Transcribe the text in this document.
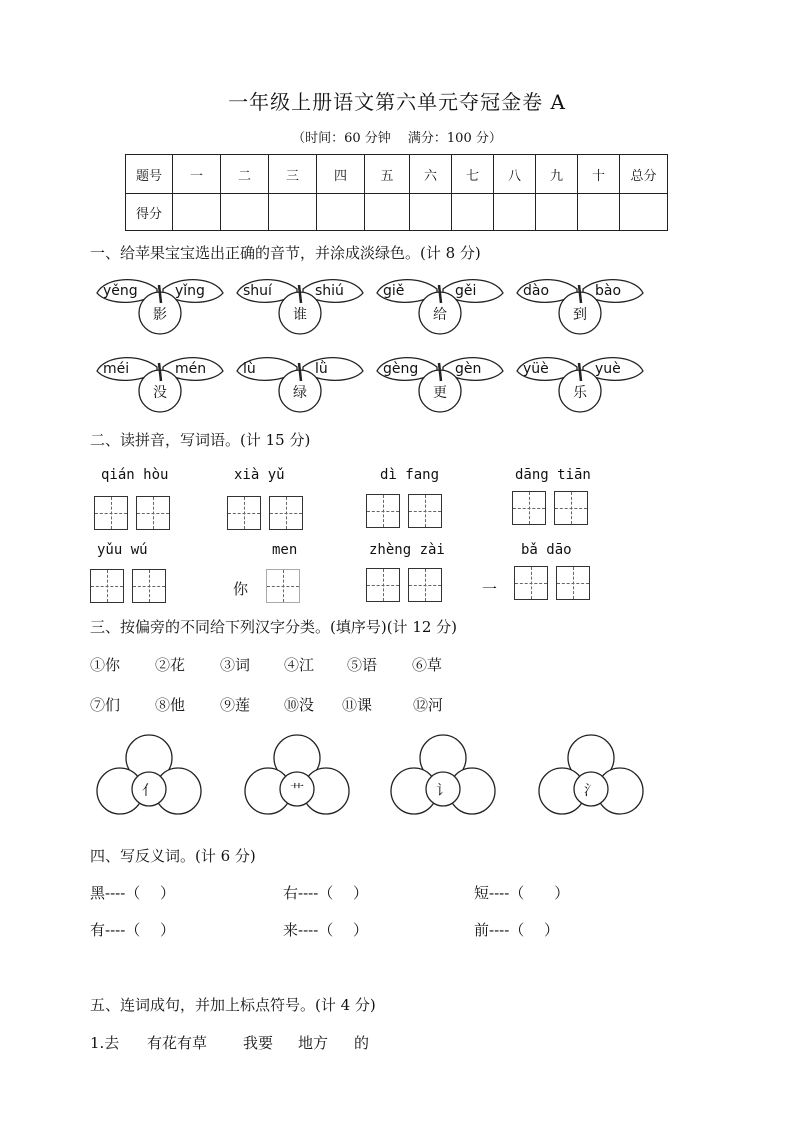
一年级上册语文第六单元夺冠金卷 A
（时间：60 分钟　 满分：100 分）
题号	一	二	三	四	五	六	七	八	九	十	总分
得分											
一、给苹果宝宝选出正确的音节，并涂成淡绿色。(计 8 分)
yěng	yǐng
影
shuí	shiú
谁
giě	gěi
给
dào	bào
到
méi	mén
没
lù	lǜ
绿
gèng	gèn
更
yüè	yuè
乐
二、读拼音，写词语。(计 15 分)
qián hòu	xià yǔ	dì fang	dāng tiān
yǔu wú	men
你
zhèng zài	bǎ dāo
一
三、按偏旁的不同给下列汉字分类。(填序号)(计 12 分)
①你 ②花 ③词 ④江 ⑤语 ⑥草
⑦们 ⑧他 ⑨莲 ⑩没 ⑪课	⑫河
亻	艹	讠	氵
四、写反义词。(计 6 分)
黑----（　 ）	右----（　 ）	短----（　　）
有----（　 ）	来----（　 ）	前----（　 ）
五、连词成句，并加上标点符号。(计 4 分)
1.去 有花有草 我要 地方 的
